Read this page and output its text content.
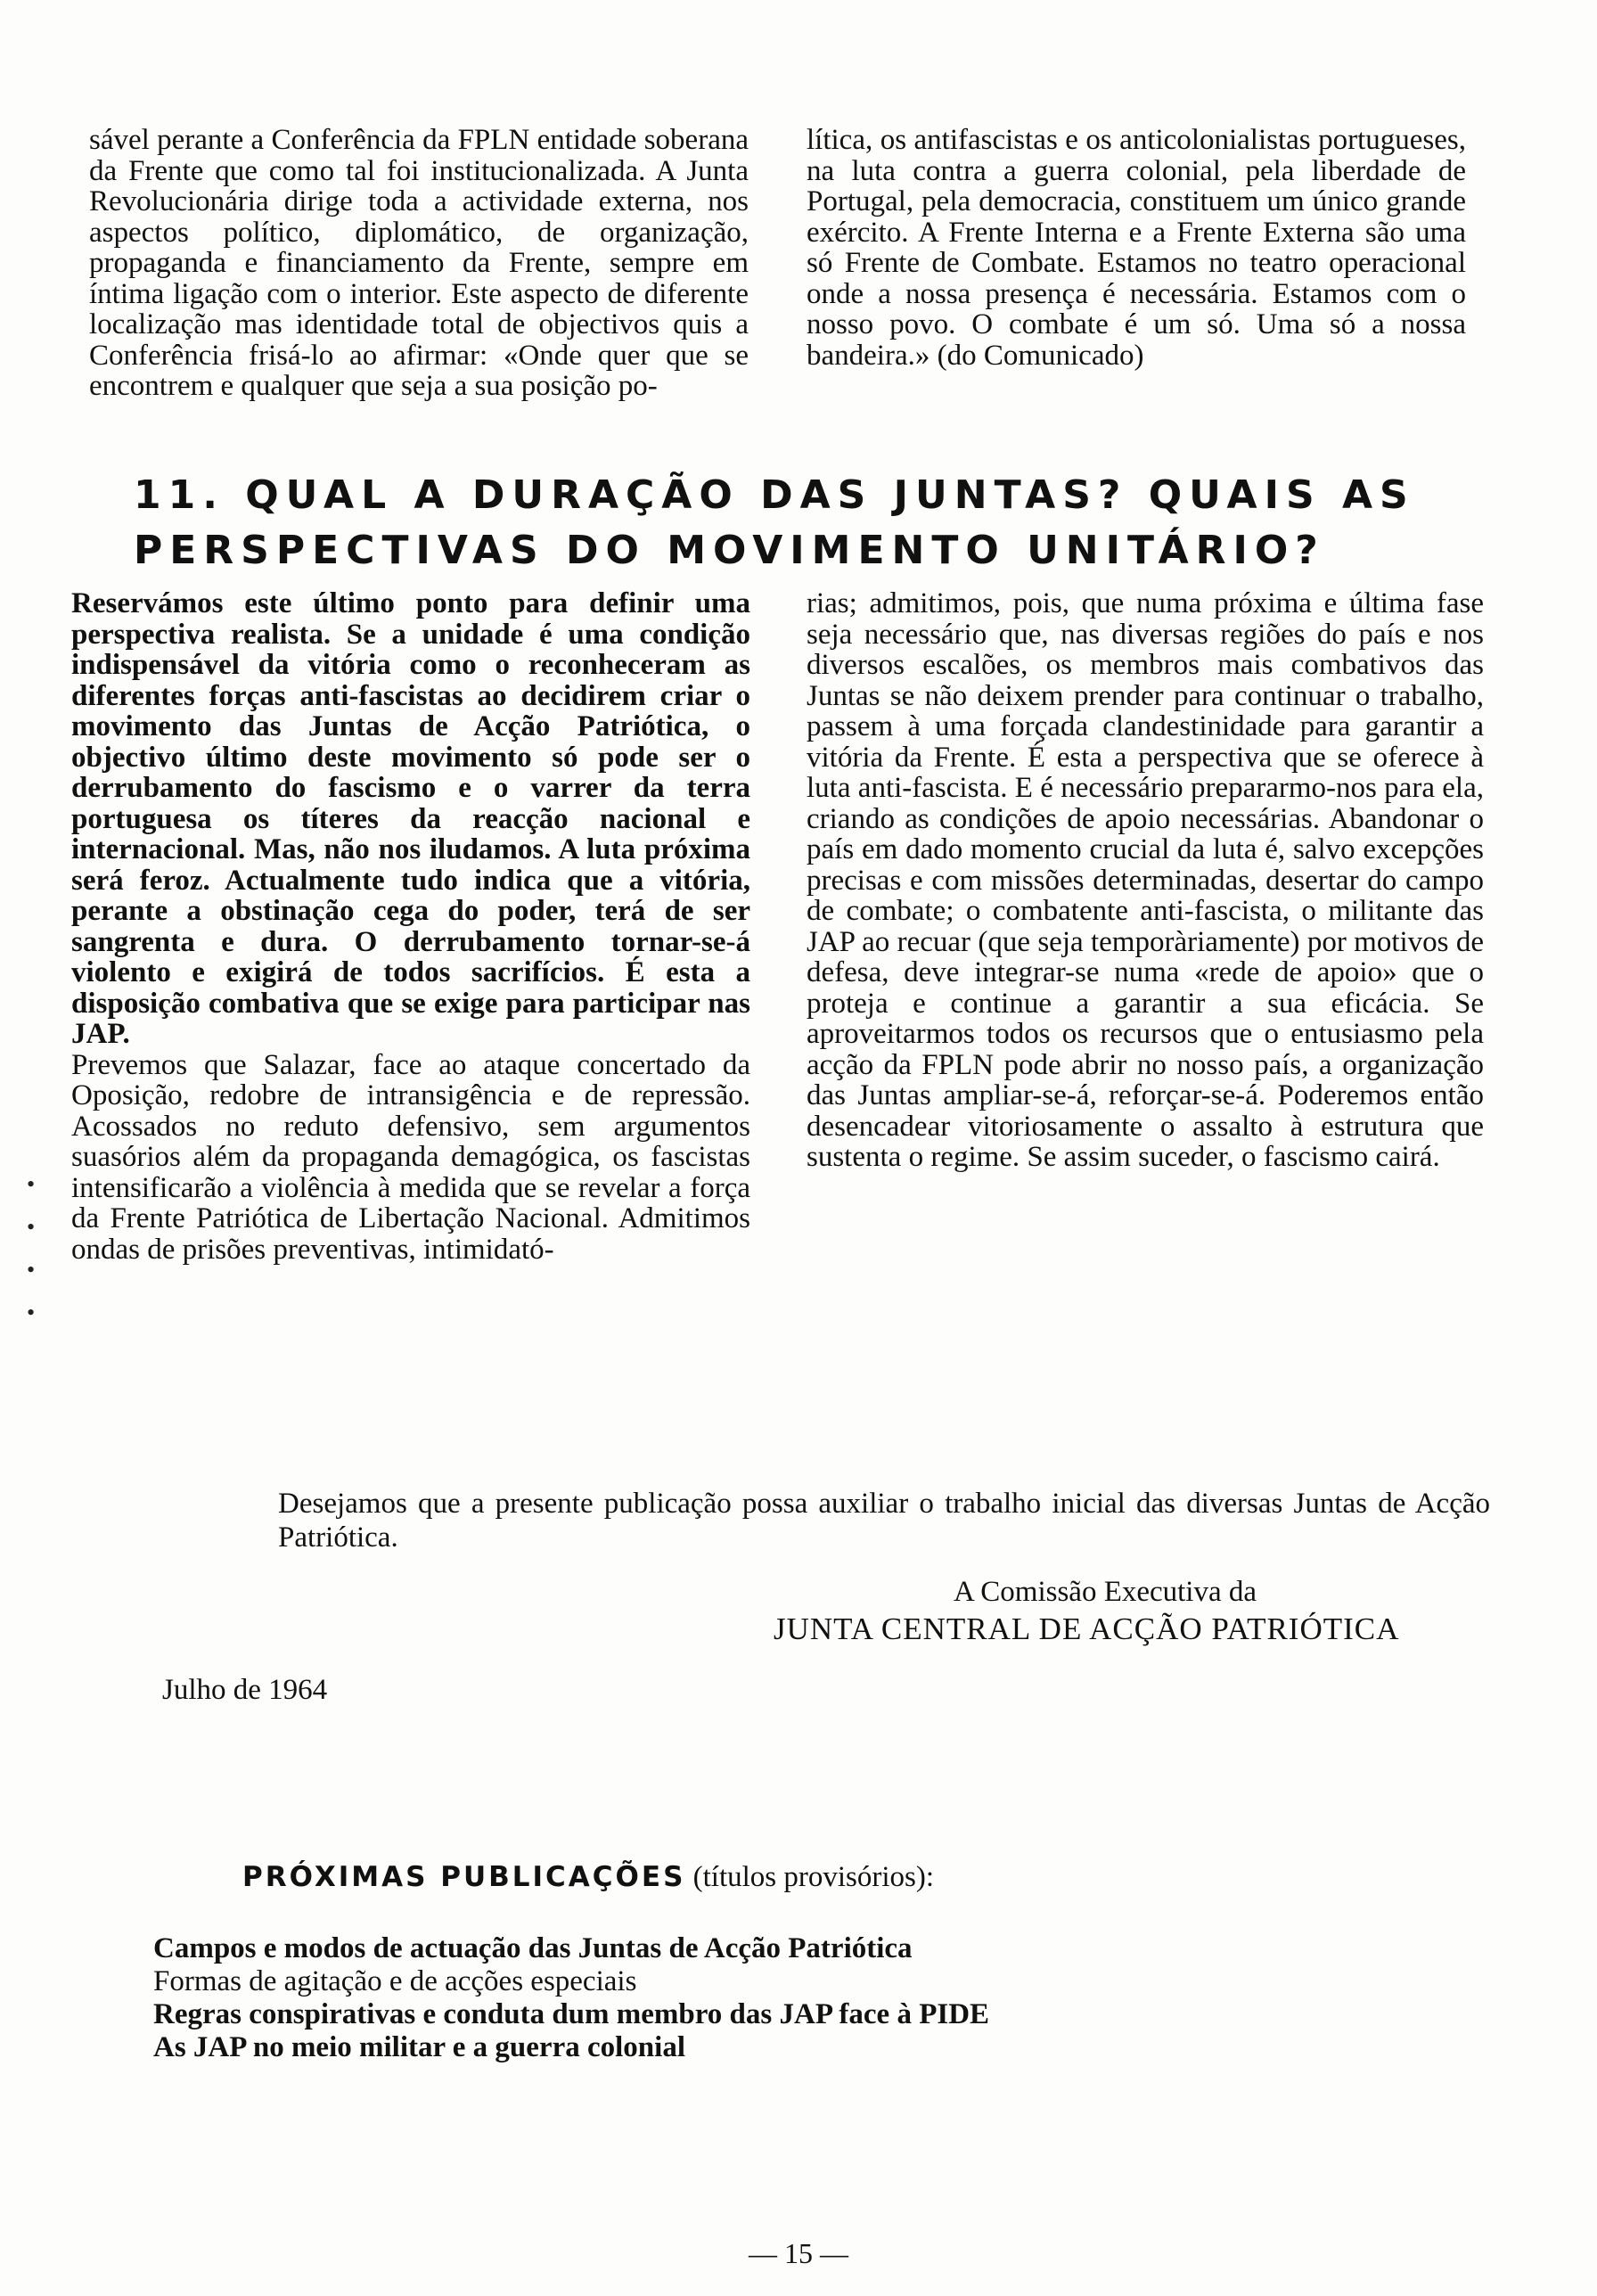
sável perante a Conferência da FPLN entidade soberana da Frente que como tal foi institucionalizada. A Junta Revolucionária dirige toda a actividade externa, nos aspectos político, diplomático, de organização, propaganda e financiamento da Frente, sempre em íntima ligação com o interior. Este aspecto de diferente localização mas identidade total de objectivos quis a Conferência frisá-lo ao afirmar: «Onde quer que se encontrem e qualquer que seja a sua posição po-

lítica, os antifascistas e os anticolonialistas portugueses, na luta contra a guerra colonial, pela liberdade de Portugal, pela democracia, constituem um único grande exército. A Frente Interna e a Frente Externa são uma só Frente de Combate. Estamos no teatro operacional onde a nossa presença é necessária. Estamos com o nosso povo. O combate é um só. Uma só a nossa bandeira.» (do Comunicado)

11. QUAL A DURAÇÃO DAS JUNTAS? QUAIS AS PERSPECTIVAS DO MOVIMENTO UNITÁRIO?

Reservámos este último ponto para definir uma perspectiva realista. Se a unidade é uma condição indispensável da vitória como o reconheceram as diferentes forças anti-fascistas ao decidirem criar o movimento das Juntas de Acção Patriótica, o objectivo último deste movimento só pode ser o derrubamento do fascismo e o varrer da terra portuguesa os títeres da reacção nacional e internacional. Mas, não nos iludamos. A luta próxima será feroz. Actualmente tudo indica que a vitória, perante a obstinação cega do poder, terá de ser sangrenta e dura. O derrubamento tornar-se-á violento e exigirá de todos sacrifícios. É esta a disposição combativa que se exige para participar nas JAP.

Prevemos que Salazar, face ao ataque concertado da Oposição, redobre de intransigência e de repressão. Acossados no reduto defensivo, sem argumentos suasórios além da propaganda demagógica, os fascistas intensificarão a violência à medida que se revelar a força da Frente Patriótica de Libertação Nacional. Admitimos ondas de prisões preventivas, intimidató-

rias; admitimos, pois, que numa próxima e última fase seja necessário que, nas diversas regiões do país e nos diversos escalões, os membros mais combativos das Juntas se não deixem prender para continuar o trabalho, passem à uma forçada clandestinidade para garantir a vitória da Frente. É esta a perspectiva que se oferece à luta anti-fascista. E é necessário prepararmo-nos para ela, criando as condições de apoio necessárias. Abandonar o país em dado momento crucial da luta é, salvo excepções precisas e com missões determinadas, desertar do campo de combate; o combatente anti-fascista, o militante das JAP ao recuar (que seja temporàriamente) por motivos de defesa, deve integrar-se numa «rede de apoio» que o proteja e continue a garantir a sua eficácia. Se aproveitarmos todos os recursos que o entusiasmo pela acção da FPLN pode abrir no nosso país, a organização das Juntas ampliar-se-á, reforçar-se-á. Poderemos então desencadear vitoriosamente o assalto à estrutura que sustenta o regime. Se assim suceder, o fascismo cairá.

•
•
•
•

Desejamos que a presente publicação possa auxiliar o trabalho inicial das diversas Juntas de Acção Patriótica.

A Comissão Executiva da

JUNTA CENTRAL DE ACÇÃO PATRIÓTICA

Julho de 1964

PRÓXIMAS PUBLICAÇÕES (títulos provisórios):

Campos e modos de actuação das Juntas de Acção Patriótica
Formas de agitação e de acções especiais
Regras conspirativas e conduta dum membro das JAP face à PIDE
As JAP no meio militar e a guerra colonial

— 15 —
